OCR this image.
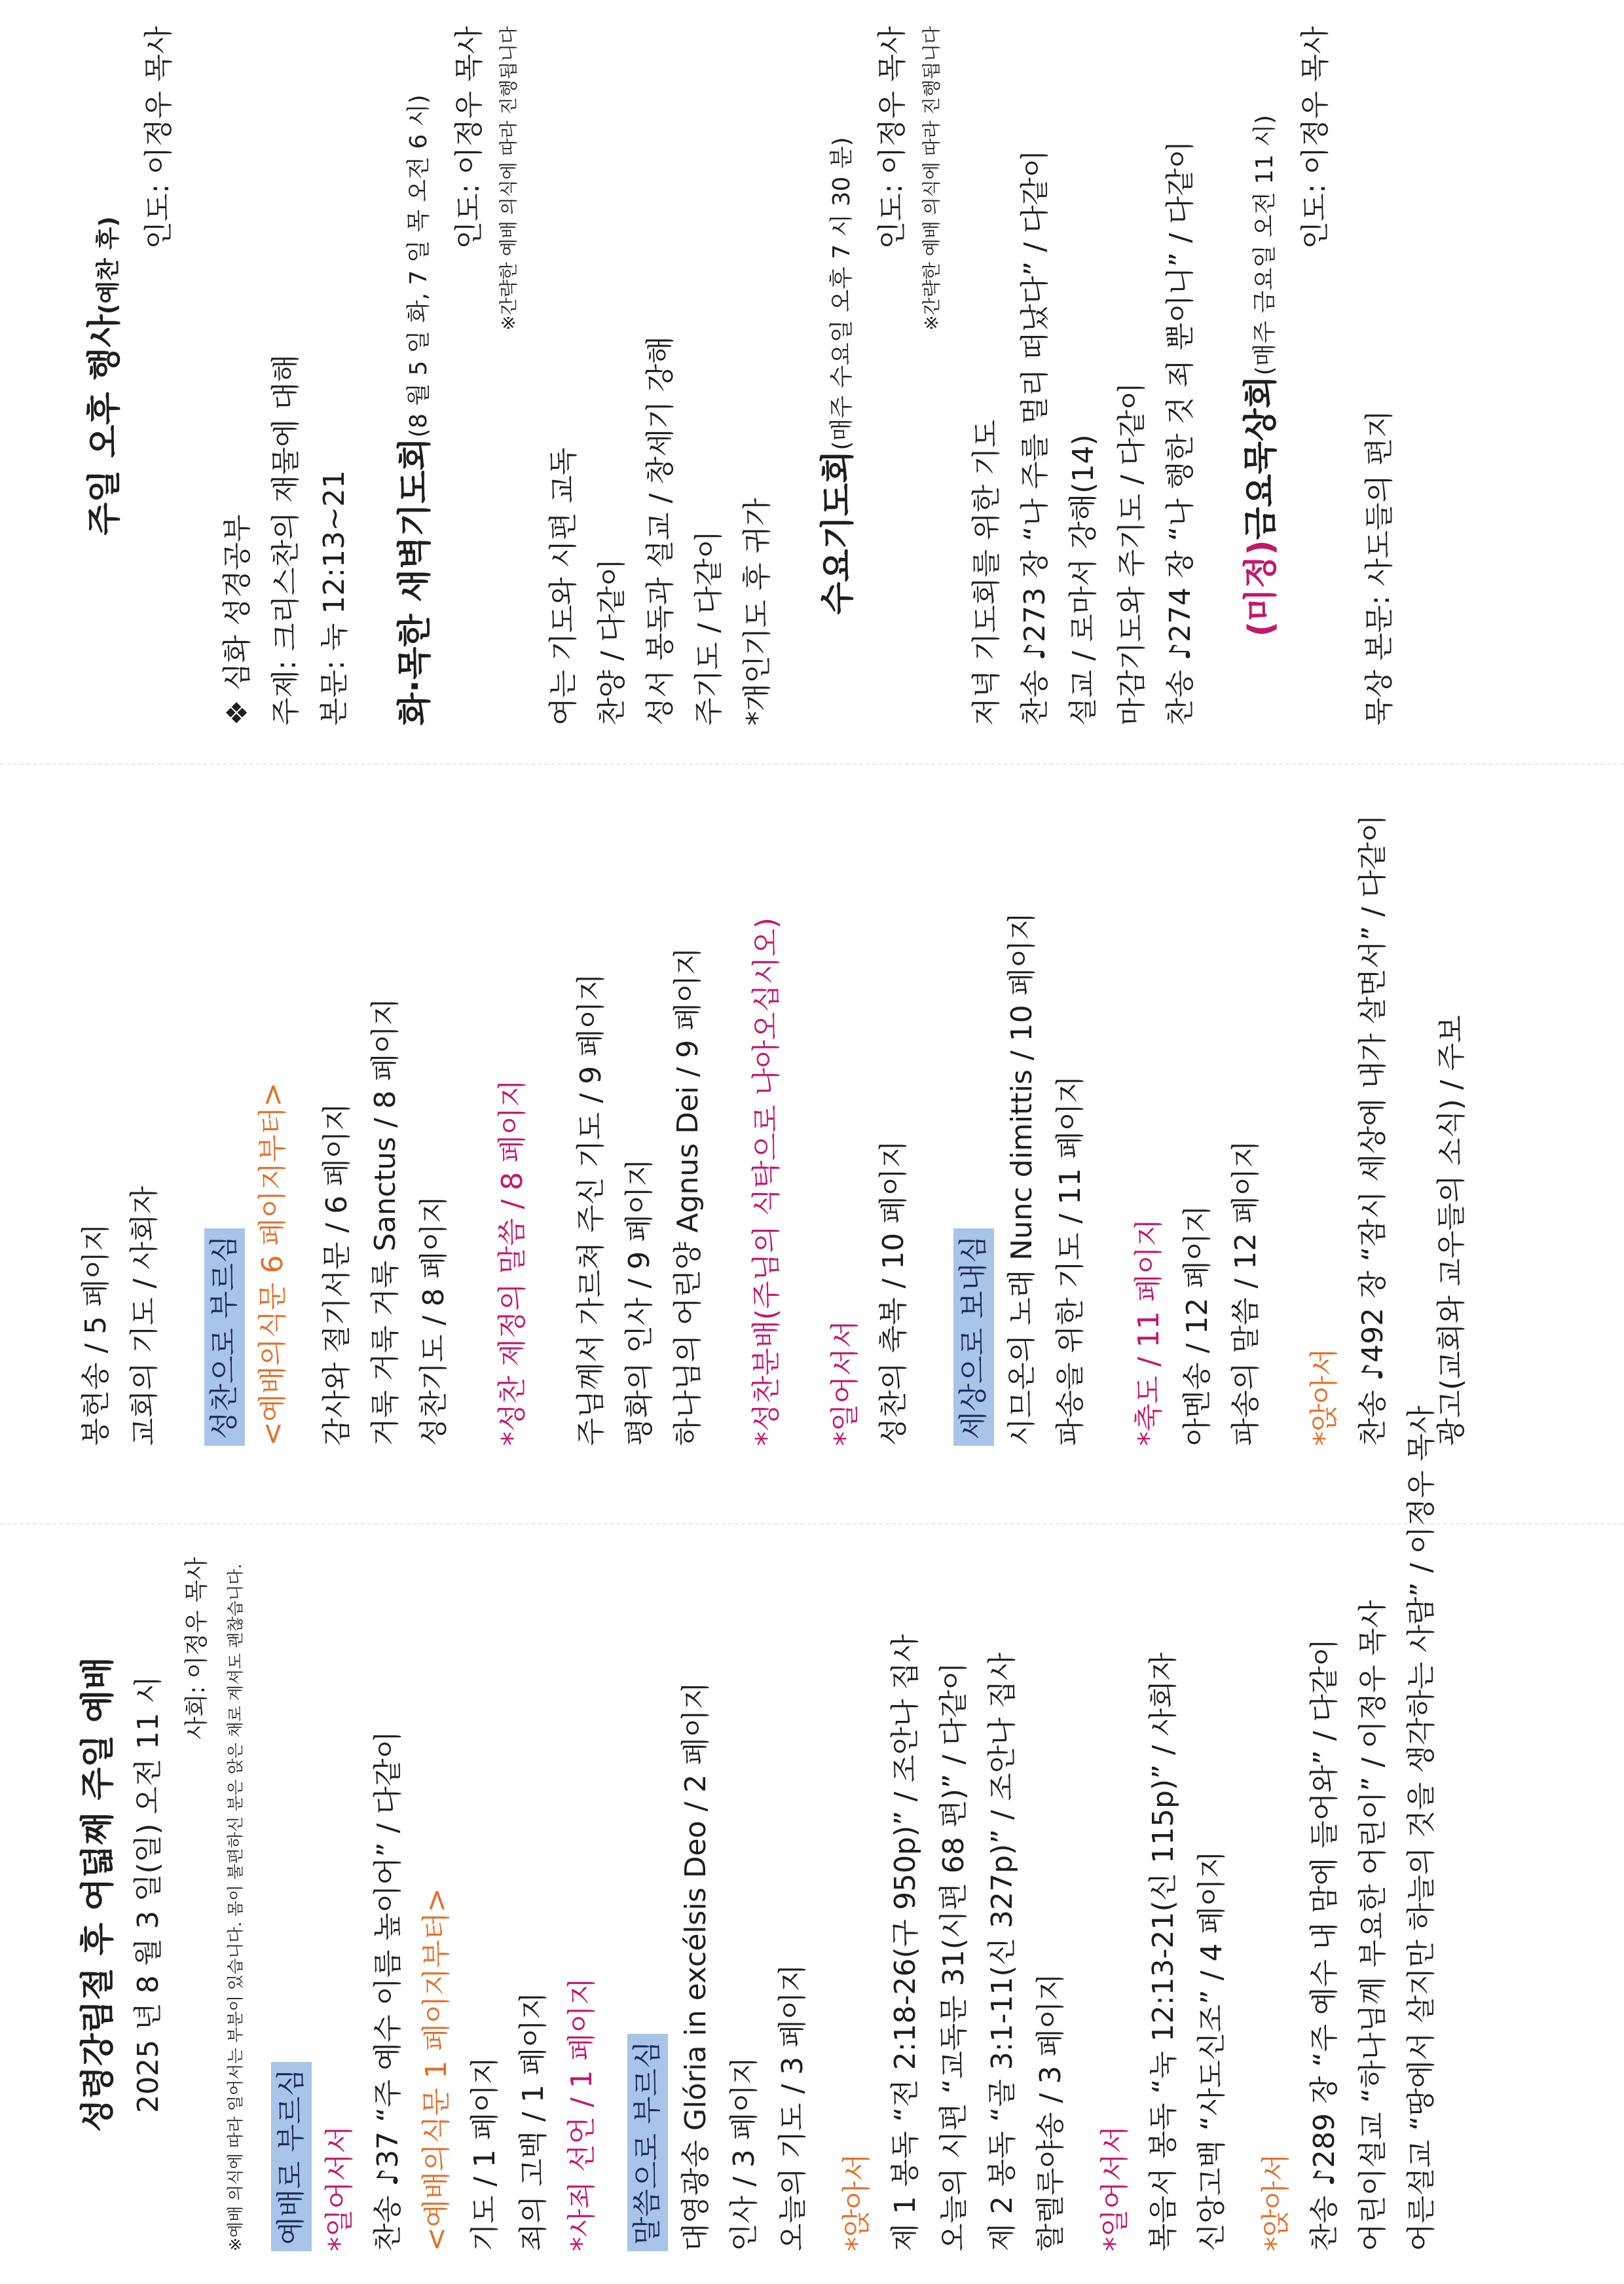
성령강림절 후 여덟째 주일 예배 2025 년 8 월 3 일(일) 오전 11 시
사회: 이정우 목사 ※예배 의식에 따라 일어서는 부분이 있습니다. 몸이 불편하신 분은 앉은 채로 계셔도 괜찮습니다. 예배로 부르심 *일어서서 찬송 ♪37 “주 예수 이름 높이어” / 다같이 <예배의식문 1 페이지부터> 기도 / 1 페이지 죄의 고백 / 1 페이지 *사죄 선언 / 1 페이지 말씀으로 부르심 대영광송 Glória in excélsis Deo / 2 페이지 인사 / 3 페이지 오늘의 기도 / 3 페이지 *앉아서 제 1 봉독 “전 2:18-26(구 950p)” / 조안나 집사 오늘의 시편 “교독문 31(시편 68 편)” / 다같이 제 2 봉독 “골 3:1-11(신 327p)” / 조안나 집사 할렐루야송 / 3 페이지 *일어서서 복음서 봉독 “눅 12:13-21(신 115p)” / 사회자 신앙고백 “사도신조” / 4 페이지 *앉아서 찬송 ♪289 장 “주 예수 내 맘에 들어와” / 다같이 어린이설교 “하나님께 부요한 어린이” / 이정우 목사 어른설교 “땅에서 살지만 하늘의 것을 생각하는 사람” / 이정우 목사
봉헌송 / 5 페이지 교회의 기도 / 사회자 성찬으로 부르심 <예배의식문 6 페이지부터> 감사와 절기서문 / 6 페이지 거룩 거룩 거룩 Sanctus / 8 페이지 성찬기도 / 8 페이지 *성찬 제정의 말씀 / 8 페이지 주님께서 가르쳐 주신 기도 / 9 페이지 평화의 인사 / 9 페이지 하나님의 어린양 Agnus Dei / 9 페이지 *성찬분배(주님의 식탁으로 나아오십시오) *일어서서 성찬의 축복 / 10 페이지 세상으로 보내심 시므온의 노래 Nunc dimittis / 10 페이지 파송을 위한 기도 / 11 페이지 *축도 / 11 페이지 아멘송 / 12 페이지 파송의 말씀 / 12 페이지 *앉아서 찬송 ♪492 장 “잠시 세상에 내가 살면서” / 다같이 광고(교회와 교우들의 소식) / 주보
주일 오후 행사(예찬 후)
인도: 이정우 목사
❖ 심화 성경공부 주제: 크리스찬의 재물에 대해 본문: 눅 12:13~21 화·목한 새벽기도회(8 월 5 일 화, 7 일 목 오전 6 시) 인도: 이정우 목사 ※간략한 예배 의식에 따라 진행됩니다
여는 기도와 시편 교독 찬양 / 다같이 성서 봉독과 설교 / 창세기 강해 주기도 / 다같이 *개인기도 후 귀가 수요기도회(매주 수요일 오후 7 시 30 분) 인도: 이정우 목사 ※간략한 예배 의식에 따라 진행됩니다
저녁 기도회를 위한 기도 찬송 ♪273 장 “나 주를 멀리 떠났다” / 다같이 설교 / 로마서 강해(14) 마감기도와 주기도 / 다같이 찬송 ♪274 장 “나 행한 것 죄 뿐이니” / 다같이 (미정)금요묵상회(매주 금요일 오전 11 시) 인도: 이정우 목사
묵상 본문: 사도들의 편지
